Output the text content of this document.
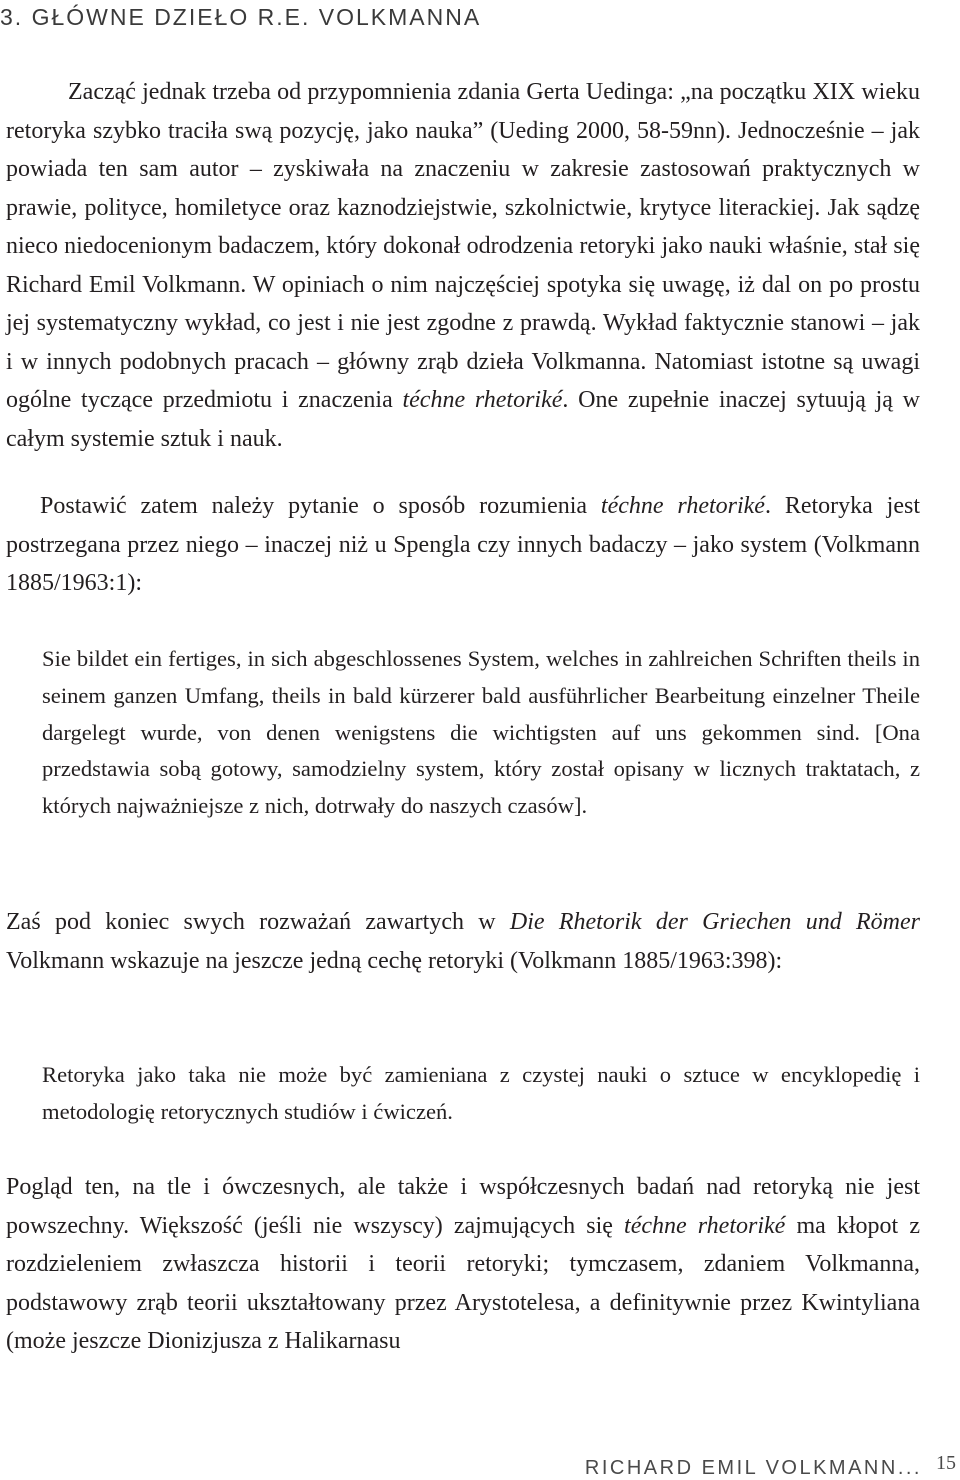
3. GŁÓWNE DZIEŁO R.E. VOLKMANNA

Zacząć jednak trzeba od przypomnienia zdania Gerta Uedinga: „na początku XIX wieku retoryka szybko traciła swą pozycję, jako nauka” (Ueding 2000, 58-59nn). Jednocześnie – jak powiada ten sam autor – zyskiwała na znaczeniu w zakresie zastosowań praktycznych w prawie, polityce, homiletyce oraz kaznodziejstwie, szkolnictwie, krytyce literackiej. Jak sądzę nieco niedocenionym badaczem, który dokonał odrodzenia retoryki jako nauki właśnie, stał się Richard Emil Volkmann. W opiniach o nim najczęściej spotyka się uwagę, iż dal on po prostu jej systematyczny wykład, co jest i nie jest zgodne z prawdą. Wykład faktycznie stanowi – jak i w innych podobnych pracach – główny zrąb dzieła Volkmanna. Natomiast istotne są uwagi ogólne tyczące przedmiotu i znaczenia téchne rhetoriké. One zupełnie inaczej sytuują ją w całym systemie sztuk i nauk.

Postawić zatem należy pytanie o sposób rozumienia téchne rhetoriké. Retoryka jest postrzegana przez niego – inaczej niż u Spengla czy innych badaczy – jako system (Volkmann 1885/1963:1):

Sie bildet ein fertiges, in sich abgeschlossenes System, welches in zahlreichen Schriften theils in seinem ganzen Umfang, theils in bald kürzerer bald ausführlicher Bearbeitung einzelner Theile dargelegt wurde, von denen wenigstens die wichtigsten auf uns gekommen sind. [Ona przedstawia sobą gotowy, samodzielny system, który został opisany w licznych traktatach, z których najważniejsze z nich, dotrwały do naszych czasów].

Zaś pod koniec swych rozważań zawartych w Die Rhetorik der Griechen und Römer Volkmann wskazuje na jeszcze jedną cechę retoryki (Volkmann 1885/1963:398):

Retoryka jako taka nie może być zamieniana z czystej nauki o sztuce w encyklopedię i metodologię retorycznych studiów i ćwiczeń.

Pogląd ten, na tle i ówczesnych, ale także i współczesnych badań nad retoryką nie jest powszechny. Większość (jeśli nie wszyscy) zajmujących się téchne rhetoriké ma kłopot z rozdzieleniem zwłaszcza historii i teorii retoryki; tymczasem, zdaniem Volkmanna, podstawowy zrąb teorii ukształtowany przez Arystotelesa, a definitywnie przez Kwintyliana (może jeszcze Dionizjusza z Halikarnasu

RICHARD EMIL VOLKMANN... 15
